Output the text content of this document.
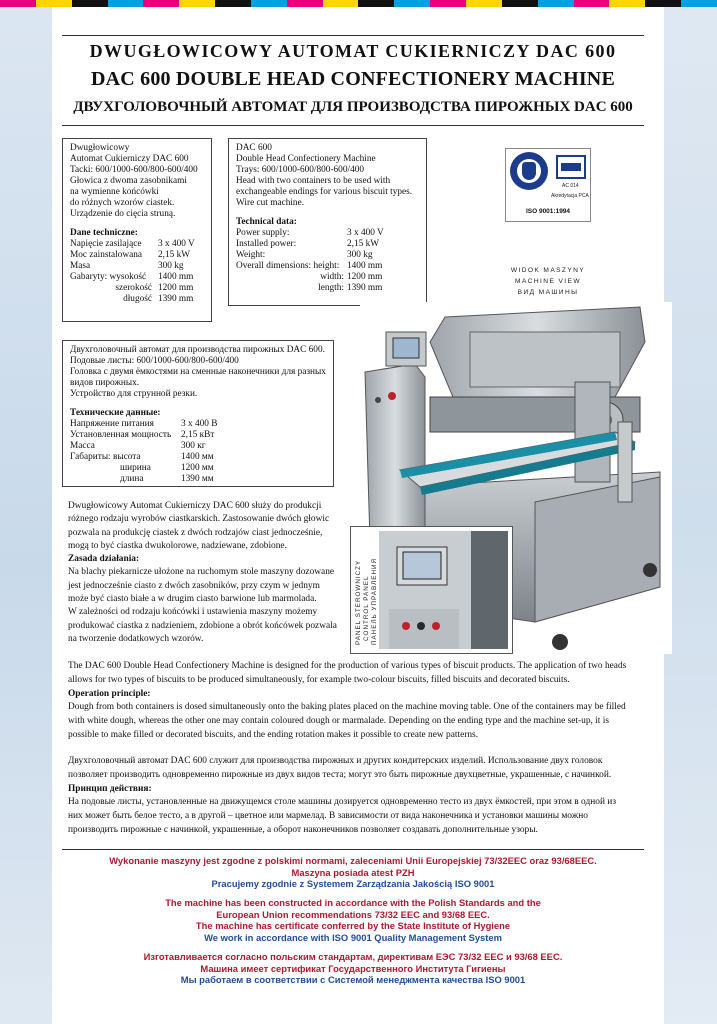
DWUGŁOWICOWY AUTOMAT CUKIERNICZY DAC 600
DAC 600 DOUBLE HEAD CONFECTIONERY MACHINE
ДВУХГОЛОВОЧНЫЙ АВТОМАТ ДЛЯ ПРОИЗВОДСТВА ПИРОЖНЫХ DAC 600

Dwugłowicowy

Automat Cukierniczy DAC 600

Tacki: 600/1000-600/800-600/400

Głowica z dwoma zasobnikami

na wymienne końcówki

do różnych wzorów ciastek.

Urządzenie do cięcia struną.

Dane techniczne:

Napięcie zasilające	3 x 400 V
Moc zainstalowana	2,15 kW
Masa	300 kg
Gabaryty: wysokość	1400 mm
szerokość 1200 mm
długość 1390 mm

DAC 600

Double Head Confectionery Machine

Trays: 600/1000-600/800-600/400

Head with two containers to be used with

exchangeable endings for various biscuit types.

Wire cut machine.

Technical data:

Power supply:	3 x 400 V
Installed power:	2,15 kW
Weight:	300 kg
Overall dimensions: height: 1400 mm
width: 1200 mm
length: 1390 mm
AC 014
Akredytacja PCA
ISO 9001:1994
WIDOK MASZYNY
MACHINE VIEW
ВИД МАШИНЫ

Двухголовочный автомат для производства пирожных DAC 600.

Подовые листы: 600/1000-600/800-600/400

Головка с двумя ёмкостями на сменные наконечники для разных

видов пирожных.

Устройство для струнной резки.

Технические данные:

Напряжение питания	3 x 400 В
Установленная мощность	2,15 кВт
Масса	300 кг
Габариты: высота	1400 мм
ширина	1200 мм
длина	1390 мм
PANEL STEROWNICZY CONTROL PANEL ПАНЕЛЬ УПРАВЛЕНИЯ

Dwugłowicowy Automat Cukierniczy DAC 600 służy do produkcji

różnego rodzaju wyrobów ciastkarskich. Zastosowanie dwóch głowic

pozwala na produkcję ciastek z dwóch rodzajów ciast jednocześnie,

mogą to być ciastka dwukolorowe, nadziewane, zdobione.

Zasada działania:

Na blachy piekarnicze ułożone na ruchomym stole maszyny dozowane

jest jednocześnie ciasto z dwóch zasobników, przy czym w jednym

może być ciasto białe a w drugim ciasto barwione lub marmolada.

W zależności od rodzaju końcówki i ustawienia maszyny możemy

produkować ciastka z nadzieniem, zdobione a obrót końcówek pozwala

na tworzenie dodatkowych wzorów.

The DAC 600 Double Head Confectionery Machine is designed for the production of various types of biscuit products. The application of two heads

allows for two types of biscuits to be produced simultaneously, for example two-colour biscuits, filled biscuits and decorated biscuits.

Operation principle:

Dough from both containers is dosed simultaneously onto the baking plates placed on the machine moving table. One of the containers may be filled

with white dough, whereas the other one may contain coloured dough or marmalade. Depending on the ending type and the machine set-up, it is

possible to make filled or decorated biscuits, and the ending rotation makes it possible to create new patterns.

Двухголовочный автомат DAC 600 служит для производства пирожных и других кондитерских изделий. Использование двух головок

позволяет производить одновременно пирожные из двух видов теста; могут это быть пирожные двухцветные, украшенные, с начинкой.

Принцип действия:

На подовые листы, установленные на движущемся столе машины дозируется одновременно тесто из двух ёмкостей, при этом в одной из

них может быть белое тесто, а в другой – цветное или мармелад. В зависимости от вида наконечника и установки машины можно

производить пирожные с начинкой, украшенные, а оборот наконечников позволяет создавать дополнительные узоры.

Wykonanie maszyny jest zgodne z polskimi normami, zaleceniami Unii Europejskiej 73/32EEC oraz 93/68EEC.
Maszyna posiada atest PZH
Pracujemy zgodnie z Systemem Zarządzania Jakością ISO 9001
The machine has been constructed in accordance with the Polish Standards and the
European Union recommendations 73/32 EEC and 93/68 EEC.
The machine has certificate conferred by the State Institute of Hygiene
We work in accordance with ISO 9001 Quality Management System
Изготавливается согласно польским стандартам, директивам ЕЭС 73/32 EEC и 93/68 EEC.
Машина имеет сертификат Государственного Института Гигиены
Мы работаем в соответствии с Системой менеджмента качества ISO 9001
